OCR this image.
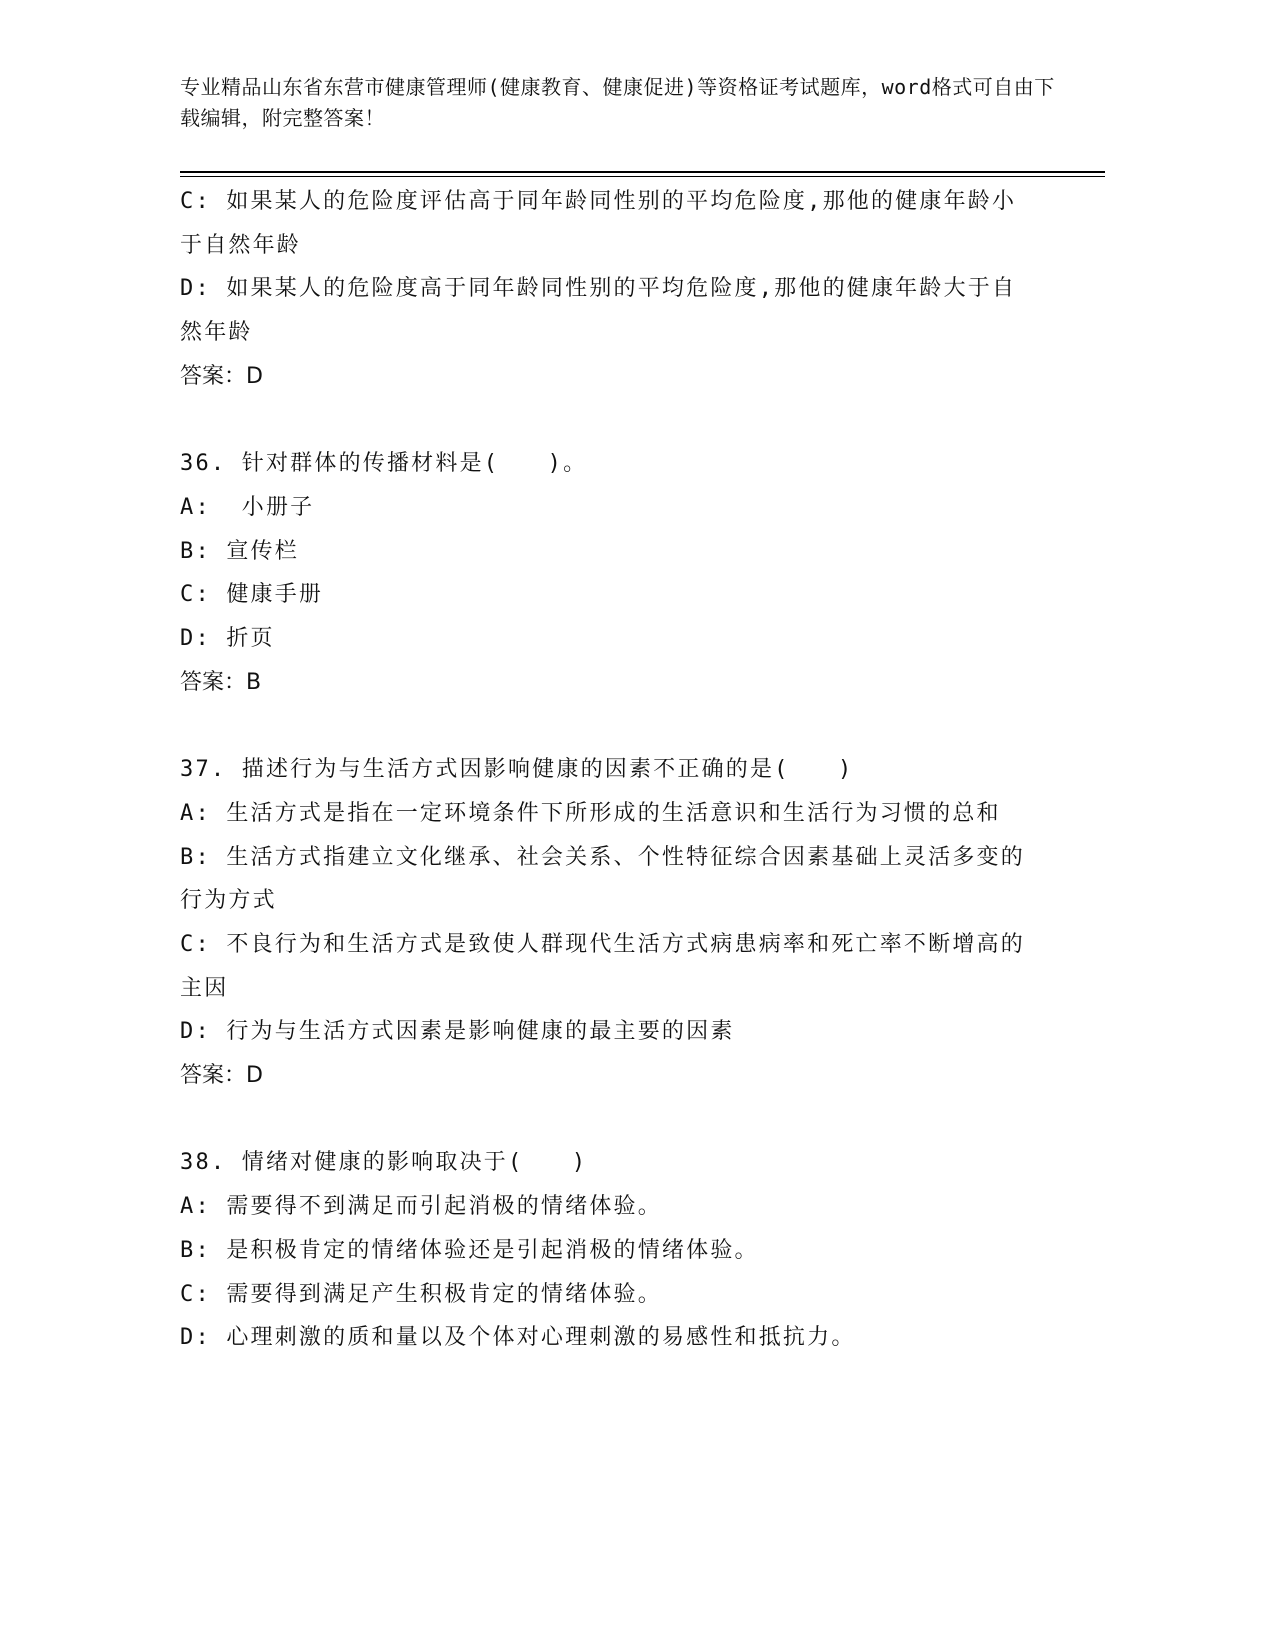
专业精品山东省东营市健康管理师(健康教育、健康促进)等资格证考试题库，word格式可自由下载编辑，附完整答案！

C: 如果某人的危险度评估高于同年龄同性别的平均危险度,那他的健康年龄小于自然年龄

D: 如果某人的危险度高于同年龄同性别的平均危险度,那他的健康年龄大于自然年龄

答案：D

36. 针对群体的传播材料是(　　)。

A:  小册子

B: 宣传栏

C: 健康手册

D: 折页

答案：B

37. 描述行为与生活方式因影响健康的因素不正确的是(　　)

A: 生活方式是指在一定环境条件下所形成的生活意识和生活行为习惯的总和

B: 生活方式指建立文化继承、社会关系、个性特征综合因素基础上灵活多变的行为方式

C: 不良行为和生活方式是致使人群现代生活方式病患病率和死亡率不断增高的主因

D: 行为与生活方式因素是影响健康的最主要的因素

答案：D

38. 情绪对健康的影响取决于(　　)

A: 需要得不到满足而引起消极的情绪体验。

B: 是积极肯定的情绪体验还是引起消极的情绪体验。

C: 需要得到满足产生积极肯定的情绪体验。

D: 心理刺激的质和量以及个体对心理刺激的易感性和抵抗力。
